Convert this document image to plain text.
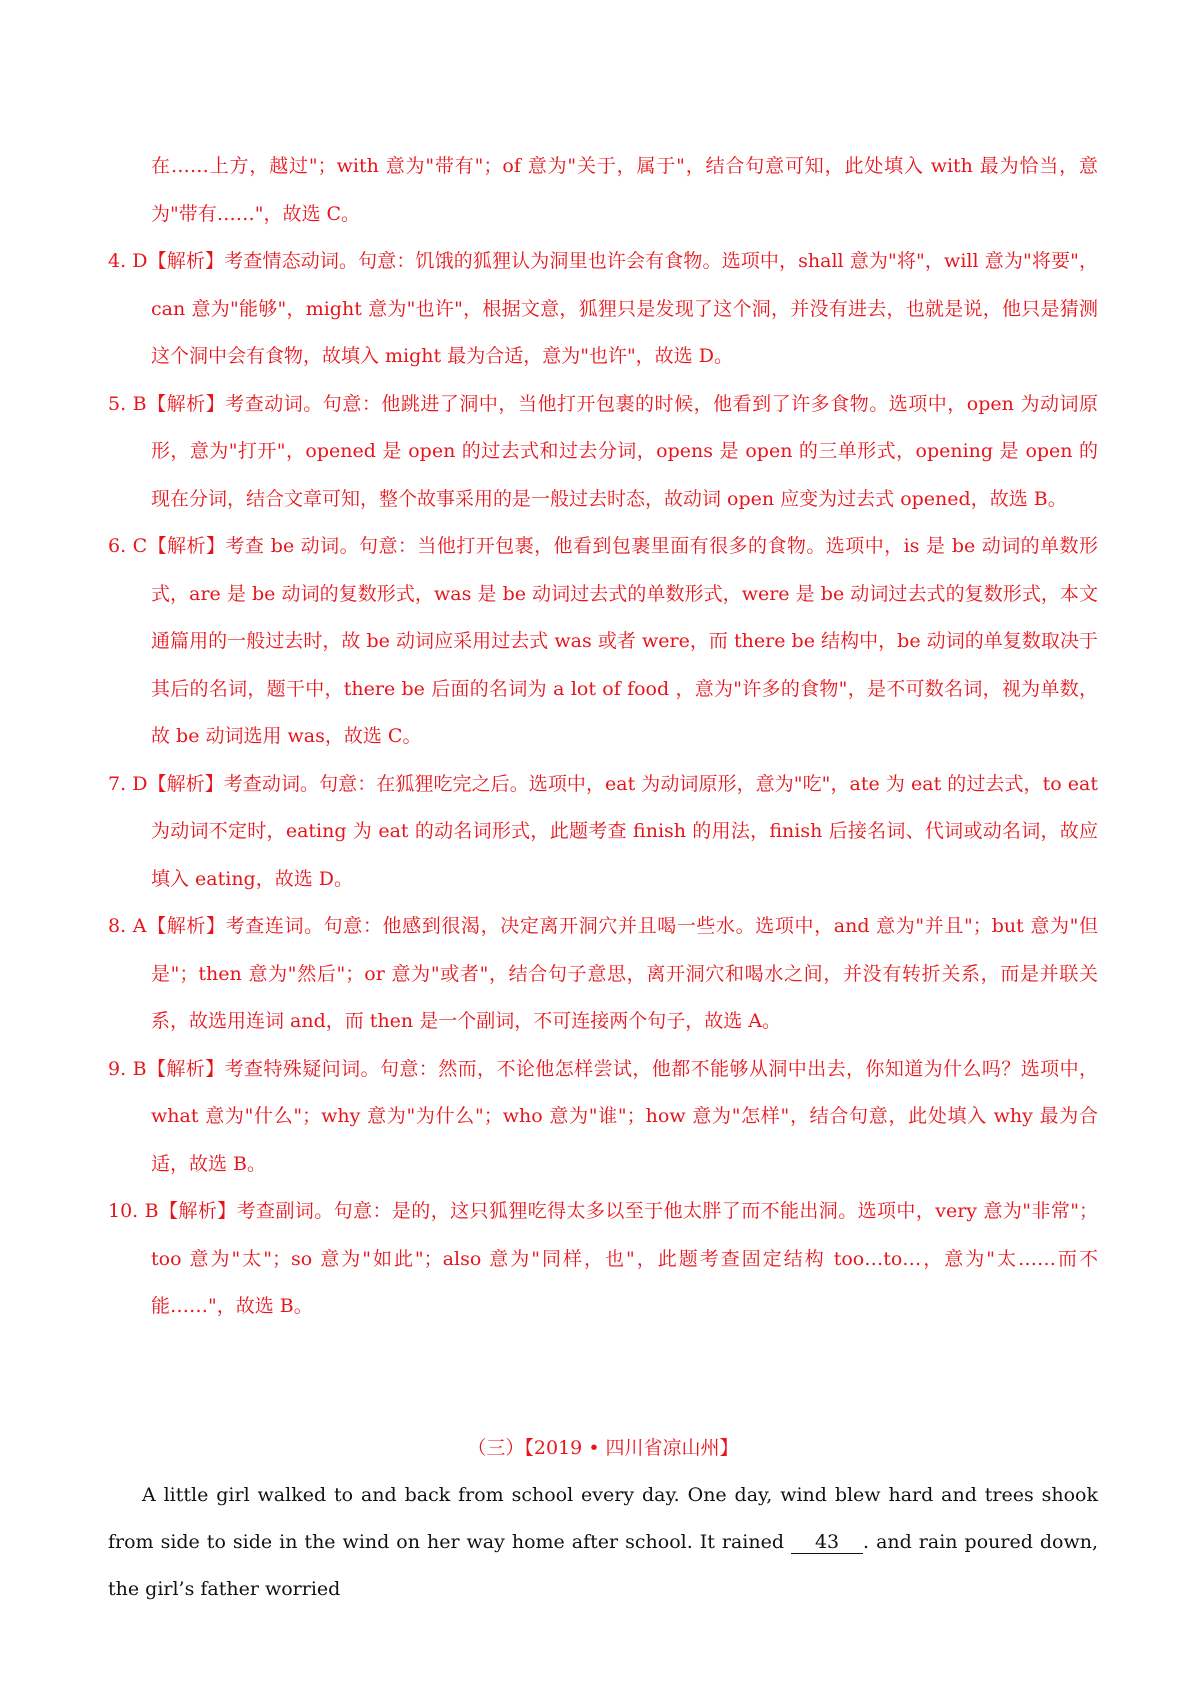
在……上方，越过"；with 意为"带有"；of 意为"关于，属于"，结合句意可知，此处填入 with 最为恰当，意为"带有……"，故选 C。

4. D【解析】考查情态动词。句意：饥饿的狐狸认为洞里也许会有食物。选项中，shall 意为"将"，will 意为"将要"，can 意为"能够"，might 意为"也许"，根据文意，狐狸只是发现了这个洞，并没有进去，也就是说，他只是猜测这个洞中会有食物，故填入 might 最为合适，意为"也许"，故选 D。

5. B【解析】考查动词。句意：他跳进了洞中，当他打开包裹的时候，他看到了许多食物。选项中，open 为动词原形，意为"打开"，opened 是 open 的过去式和过去分词，opens 是 open 的三单形式，opening 是 open 的现在分词，结合文章可知，整个故事采用的是一般过去时态，故动词 open 应变为过去式 opened，故选 B。

6. C【解析】考查 be 动词。句意：当他打开包裹，他看到包裹里面有很多的食物。选项中，is 是 be 动词的单数形式，are 是 be 动词的复数形式，was 是 be 动词过去式的单数形式，were 是 be 动词过去式的复数形式，本文通篇用的一般过去时，故 be 动词应采用过去式 was 或者 were，而 there be 结构中，be 动词的单复数取决于其后的名词，题干中，there be 后面的名词为 a lot of food ，意为"许多的食物"，是不可数名词，视为单数，故 be 动词选用 was，故选 C。

7. D【解析】考查动词。句意：在狐狸吃完之后。选项中，eat 为动词原形，意为"吃"，ate 为 eat 的过去式，to eat 为动词不定时，eating 为 eat 的动名词形式，此题考查 finish 的用法，finish 后接名词、代词或动名词，故应填入 eating，故选 D。

8. A【解析】考查连词。句意：他感到很渴，决定离开洞穴并且喝一些水。选项中，and 意为"并且"；but 意为"但是"；then 意为"然后"；or 意为"或者"，结合句子意思，离开洞穴和喝水之间，并没有转折关系，而是并联关系，故选用连词 and，而 then 是一个副词，不可连接两个句子，故选 A。

9. B【解析】考查特殊疑问词。句意：然而，不论他怎样尝试，他都不能够从洞中出去，你知道为什么吗？选项中，what 意为"什么"；why 意为"为什么"；who 意为"谁"；how 意为"怎样"，结合句意，此处填入 why 最为合适，故选 B。

10. B【解析】考查副词。句意：是的，这只狐狸吃得太多以至于他太胖了而不能出洞。选项中，very 意为"非常"；too 意为"太"；so 意为"如此"；also 意为"同样，也"，此题考查固定结构 too…to…，意为"太……而不能……"，故选 B。

（三）【2019 • 四川省凉山州】

A little girl walked to and back from school every day. One day, wind blew hard and trees shook from side to side in the wind on her way home after school. It rained 43 . and rain poured down, the girl’s father worried
